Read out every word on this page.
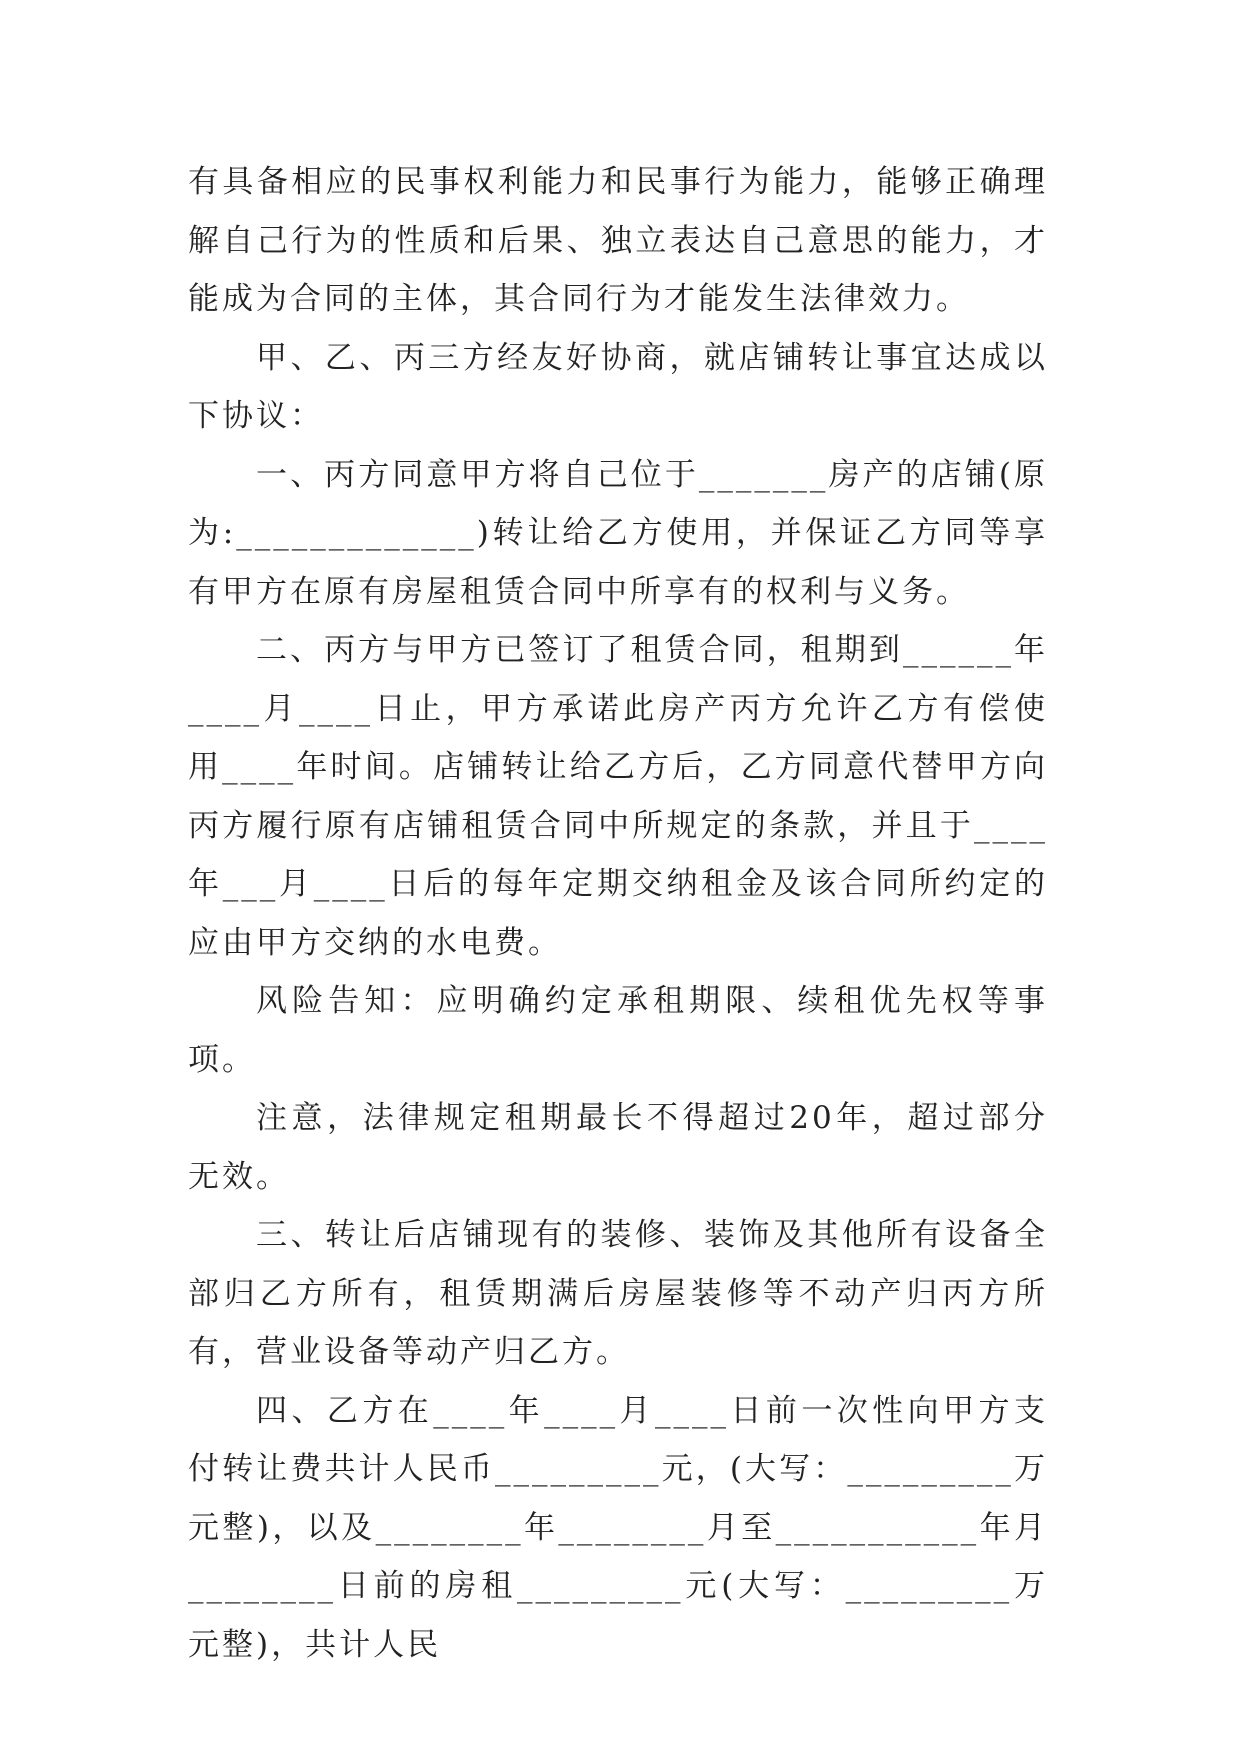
有具备相应的民事权利能力和民事行为能力，能够正确理解自己行为的性质和后果、独立表达自己意思的能力，才能成为合同的主体，其合同行为才能发生法律效力。

甲、乙、丙三方经友好协商，就店铺转让事宜达成以下协议：

一、丙方同意甲方将自己位于_______房产的店铺(原为:_____________)转让给乙方使用，并保证乙方同等享有甲方在原有房屋租赁合同中所享有的权利与义务。

二、丙方与甲方已签订了租赁合同，租期到______年____月____日止，甲方承诺此房产丙方允许乙方有偿使用____年时间。店铺转让给乙方后，乙方同意代替甲方向丙方履行原有店铺租赁合同中所规定的条款，并且于____年___月____日后的每年定期交纳租金及该合同所约定的应由甲方交纳的水电费。

风险告知：应明确约定承租期限、续租优先权等事项。

注意，法律规定租期最长不得超过20年，超过部分无效。

三、转让后店铺现有的装修、装饰及其他所有设备全部归乙方所有，租赁期满后房屋装修等不动产归丙方所有，营业设备等动产归乙方。

四、乙方在____年____月____日前一次性向甲方支付转让费共计人民币_________元，(大写：_________万元整)，以及________年________月至___________年月________日前的房租_________元(大写：_________万元整)，共计人民
